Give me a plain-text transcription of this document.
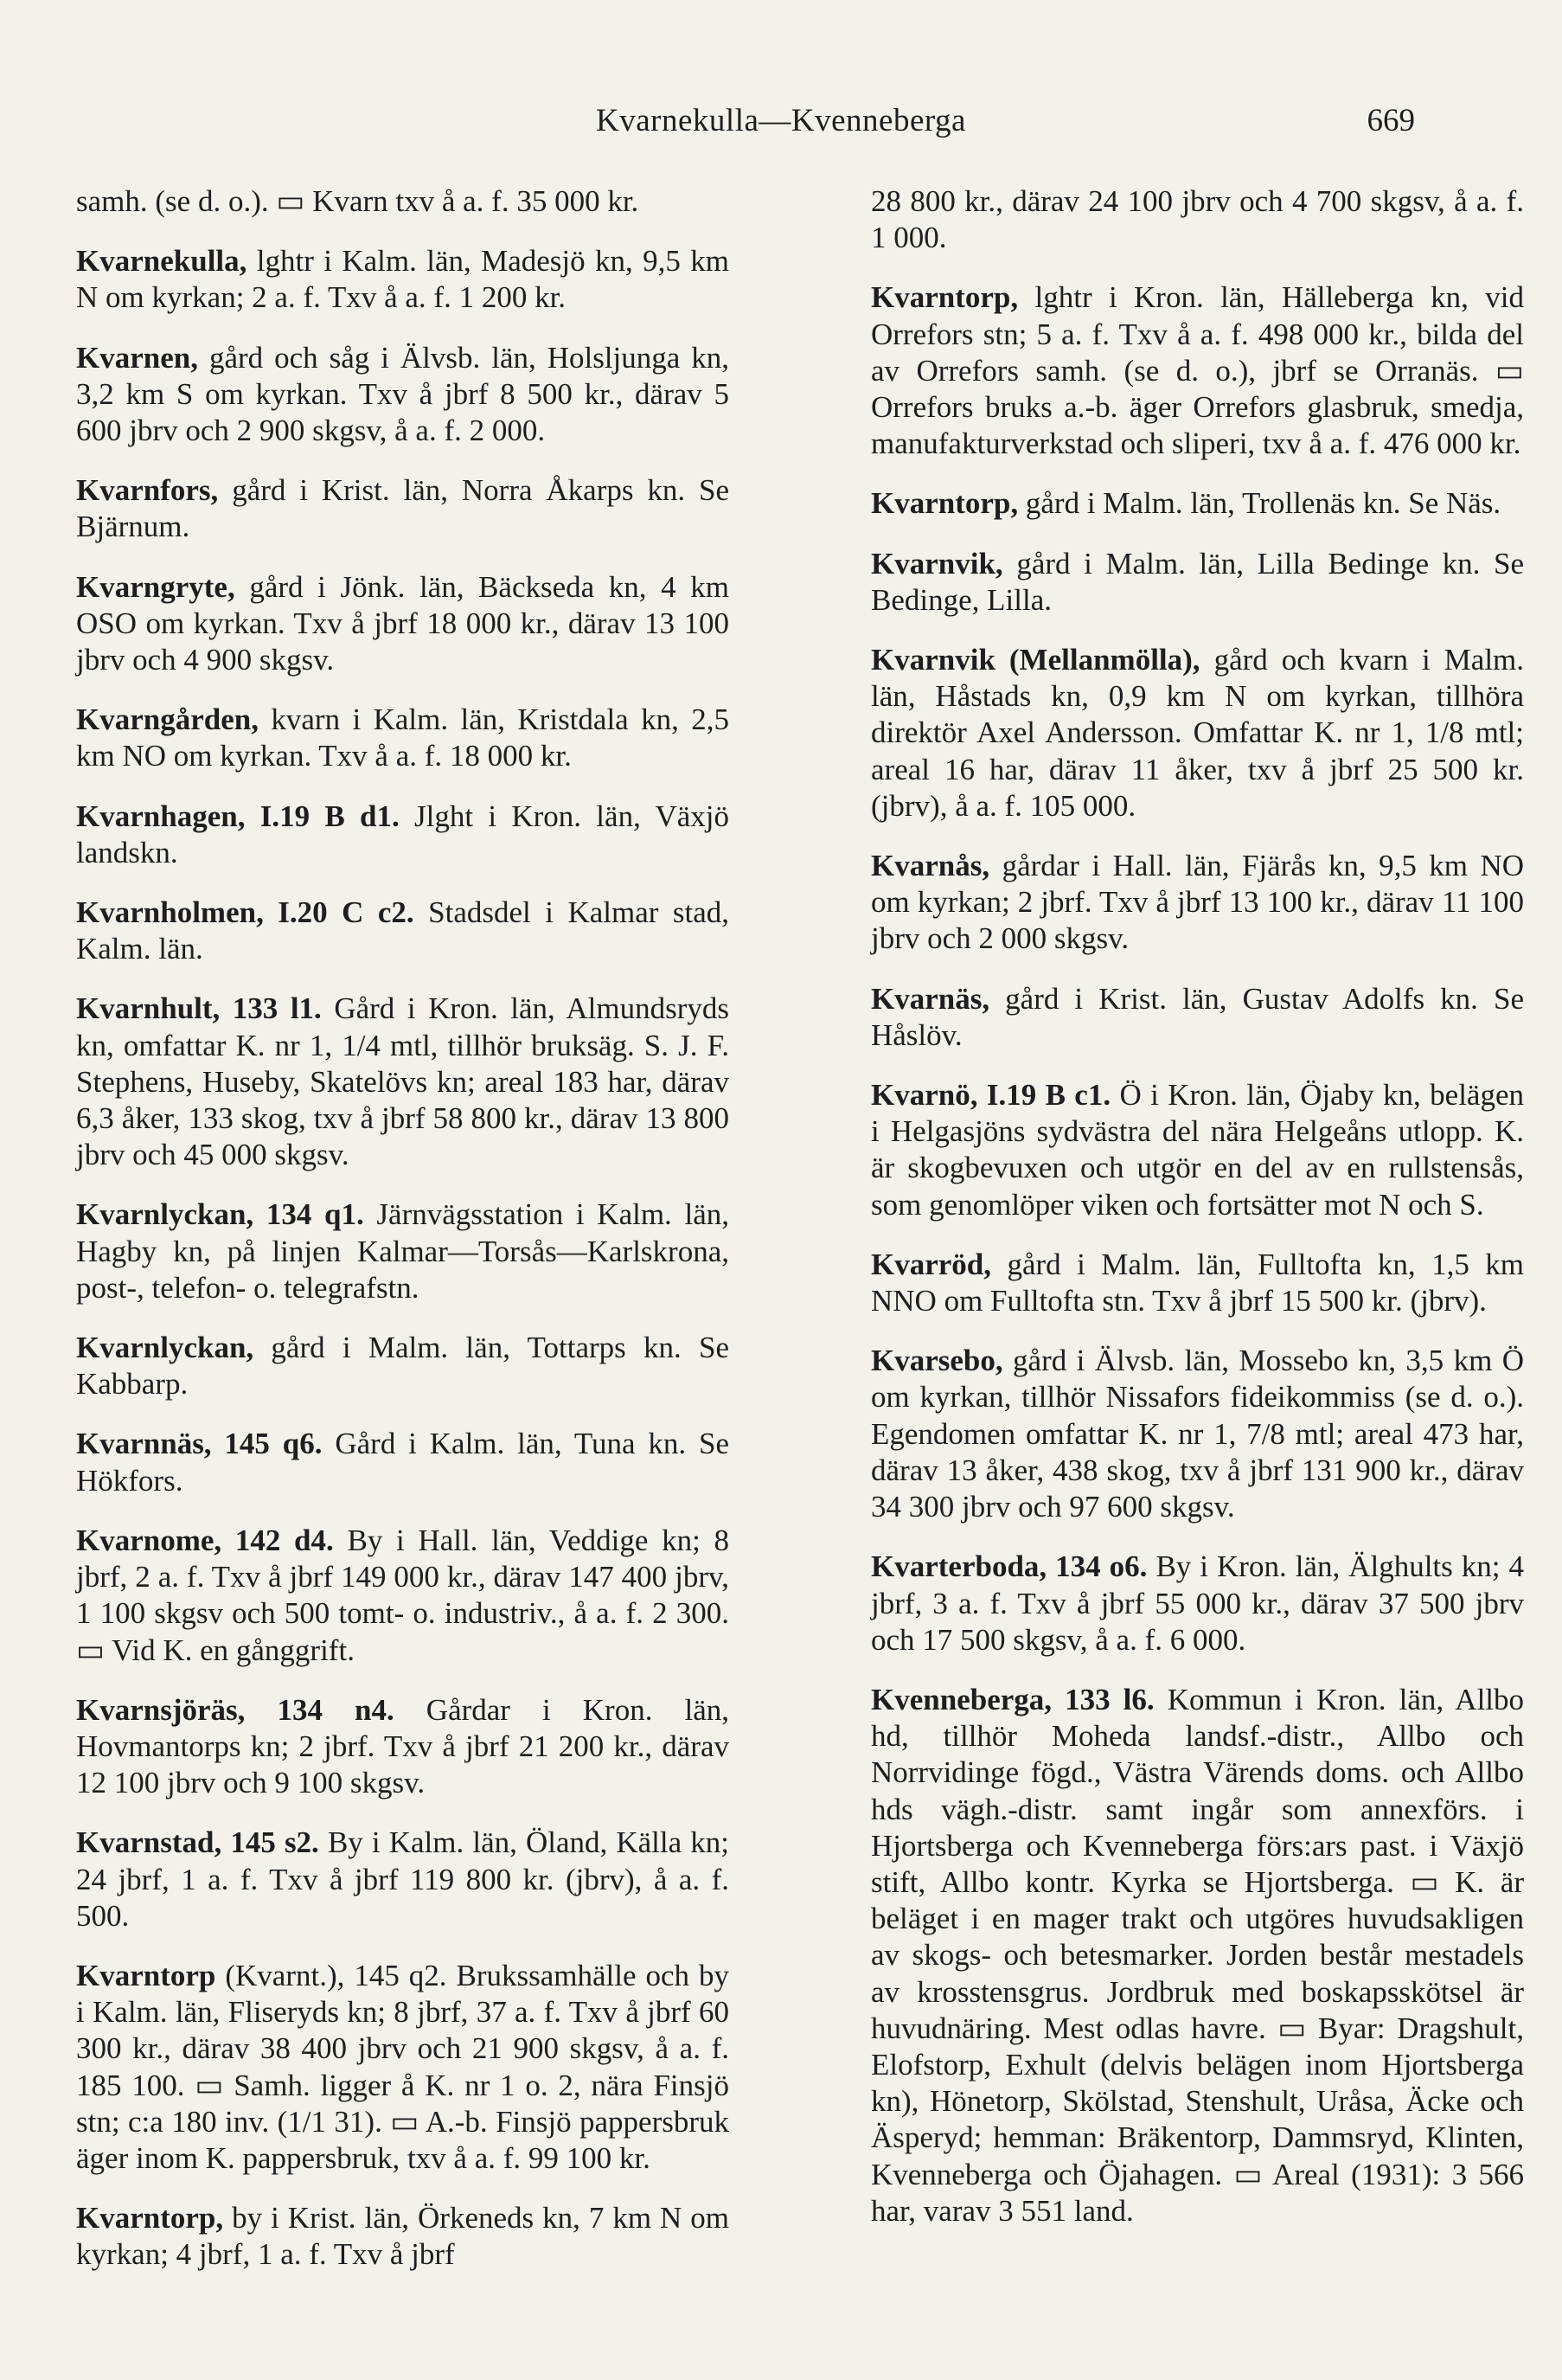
Kvarnekulla—Kvenneberga	669

samh. (se d. o.). ▭ Kvarn txv å a. f. 35 000 kr.

Kvarnekulla, lghtr i Kalm. län, Madesjö kn, 9,5 km N om kyrkan; 2 a. f. Txv å a. f. 1 200 kr.

Kvarnen, gård och såg i Älvsb. län, Holsljunga kn, 3,2 km S om kyrkan. Txv å jbrf 8 500 kr., därav 5 600 jbrv och 2 900 skgsv, å a. f. 2 000.

Kvarnfors, gård i Krist. län, Norra Åkarps kn. Se Bjärnum.

Kvarngryte, gård i Jönk. län, Bäckseda kn, 4 km OSO om kyrkan. Txv å jbrf 18 000 kr., därav 13 100 jbrv och 4 900 skgsv.

Kvarngården, kvarn i Kalm. län, Kristdala kn, 2,5 km NO om kyrkan. Txv å a. f. 18 000 kr.

Kvarnhagen, I.19 B d1. Jlght i Kron. län, Växjö landskn.

Kvarnholmen, I.20 C c2. Stadsdel i Kalmar stad, Kalm. län.

Kvarnhult, 133 l1. Gård i Kron. län, Almundsryds kn, omfattar K. nr 1, 1/4 mtl, tillhör bruksäg. S. J. F. Stephens, Huseby, Skatelövs kn; areal 183 har, därav 6,3 åker, 133 skog, txv å jbrf 58 800 kr., därav 13 800 jbrv och 45 000 skgsv.

Kvarnlyckan, 134 q1. Järnvägsstation i Kalm. län, Hagby kn, på linjen Kalmar—Torsås—Karlskrona, post-, telefon- o. telegrafstn.

Kvarnlyckan, gård i Malm. län, Tottarps kn. Se Kabbarp.

Kvarnnäs, 145 q6. Gård i Kalm. län, Tuna kn. Se Hökfors.

Kvarnome, 142 d4. By i Hall. län, Veddige kn; 8 jbrf, 2 a. f. Txv å jbrf 149 000 kr., därav 147 400 jbrv, 1 100 skgsv och 500 tomt- o. industriv., å a. f. 2 300. ▭ Vid K. en gånggrift.

Kvarnsjöräs, 134 n4. Gårdar i Kron. län, Hovmantorps kn; 2 jbrf. Txv å jbrf 21 200 kr., därav 12 100 jbrv och 9 100 skgsv.

Kvarnstad, 145 s2. By i Kalm. län, Öland, Källa kn; 24 jbrf, 1 a. f. Txv å jbrf 119 800 kr. (jbrv), å a. f. 500.

Kvarntorp (Kvarnt.), 145 q2. Brukssamhälle och by i Kalm. län, Fliseryds kn; 8 jbrf, 37 a. f. Txv å jbrf 60 300 kr., därav 38 400 jbrv och 21 900 skgsv, å a. f. 185 100. ▭ Samh. ligger å K. nr 1 o. 2, nära Finsjö stn; c:a 180 inv. (1/1 31). ▭ A.-b. Finsjö pappersbruk äger inom K. pappersbruk, txv å a. f. 99 100 kr.

Kvarntorp, by i Krist. län, Örkeneds kn, 7 km N om kyrkan; 4 jbrf, 1 a. f. Txv å jbrf

28 800 kr., därav 24 100 jbrv och 4 700 skgsv, å a. f. 1 000.

Kvarntorp, lghtr i Kron. län, Hälleberga kn, vid Orrefors stn; 5 a. f. Txv å a. f. 498 000 kr., bilda del av Orrefors samh. (se d. o.), jbrf se Orranäs. ▭ Orrefors bruks a.-b. äger Orrefors glasbruk, smedja, manufakturverkstad och sliperi, txv å a. f. 476 000 kr.

Kvarntorp, gård i Malm. län, Trollenäs kn. Se Näs.

Kvarnvik, gård i Malm. län, Lilla Bedinge kn. Se Bedinge, Lilla.

Kvarnvik (Mellanmölla), gård och kvarn i Malm. län, Håstads kn, 0,9 km N om kyrkan, tillhöra direktör Axel Andersson. Omfattar K. nr 1, 1/8 mtl; areal 16 har, därav 11 åker, txv å jbrf 25 500 kr. (jbrv), å a. f. 105 000.

Kvarnås, gårdar i Hall. län, Fjärås kn, 9,5 km NO om kyrkan; 2 jbrf. Txv å jbrf 13 100 kr., därav 11 100 jbrv och 2 000 skgsv.

Kvarnäs, gård i Krist. län, Gustav Adolfs kn. Se Håslöv.

Kvarnö, I.19 B c1. Ö i Kron. län, Öjaby kn, belägen i Helgasjöns sydvästra del nära Helgeåns utlopp. K. är skogbevuxen och utgör en del av en rullstensås, som genomlöper viken och fortsätter mot N och S.

Kvarröd, gård i Malm. län, Fulltofta kn, 1,5 km NNO om Fulltofta stn. Txv å jbrf 15 500 kr. (jbrv).

Kvarsebo, gård i Älvsb. län, Mossebo kn, 3,5 km Ö om kyrkan, tillhör Nissafors fideikommiss (se d. o.). Egendomen omfattar K. nr 1, 7/8 mtl; areal 473 har, därav 13 åker, 438 skog, txv å jbrf 131 900 kr., därav 34 300 jbrv och 97 600 skgsv.

Kvarterboda, 134 o6. By i Kron. län, Älghults kn; 4 jbrf, 3 a. f. Txv å jbrf 55 000 kr., därav 37 500 jbrv och 17 500 skgsv, å a. f. 6 000.

Kvenneberga, 133 l6. Kommun i Kron. län, Allbo hd, tillhör Moheda landsf.-distr., Allbo och Norrvidinge fögd., Västra Värends doms. och Allbo hds vägh.-distr. samt ingår som annexförs. i Hjortsberga och Kvenneberga förs:ars past. i Växjö stift, Allbo kontr. Kyrka se Hjortsberga. ▭ K. är beläget i en mager trakt och utgöres huvudsakligen av skogs- och betesmarker. Jorden består mestadels av krosstensgrus. Jordbruk med boskapsskötsel är huvudnäring. Mest odlas havre. ▭ Byar: Dragshult, Elofstorp, Exhult (delvis belägen inom Hjortsberga kn), Hönetorp, Skölstad, Stenshult, Uråsa, Äcke och Äsperyd; hemman: Bräkentorp, Dammsryd, Klinten, Kvenneberga och Öjahagen. ▭ Areal (1931): 3 566 har, varav 3 551 land.
